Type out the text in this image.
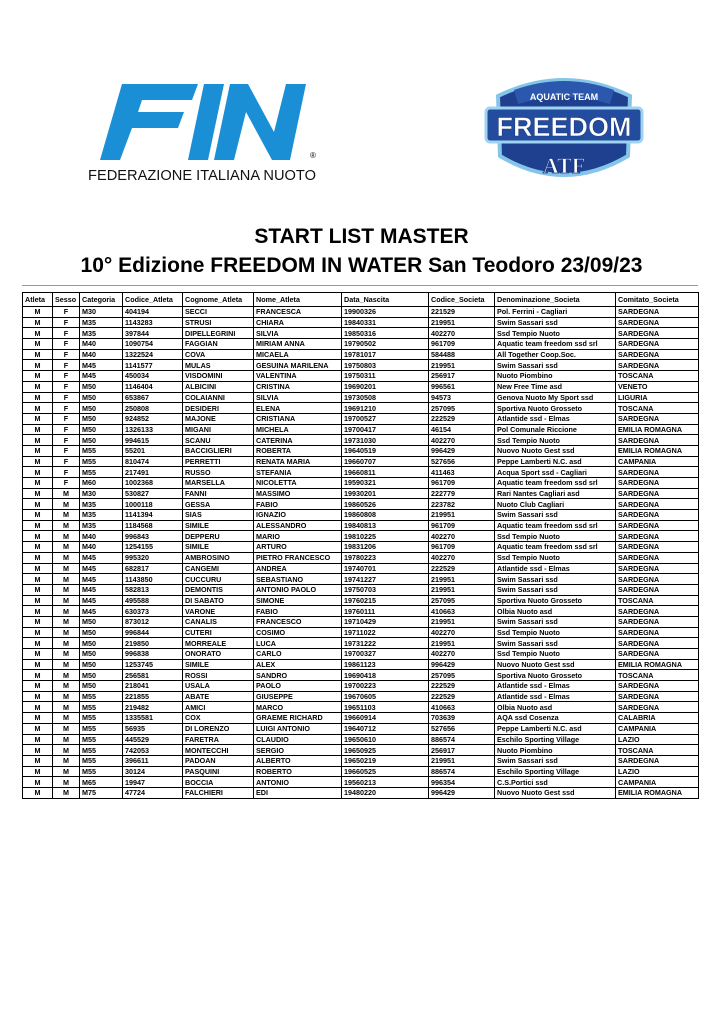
®
FEDERAZIONE ITALIANA NUOTO
AQUATIC TEAM
FREEDOM
ATF
START LIST MASTER
10° Edizione FREEDOM IN WATER San Teodoro 23/09/23
Atleta	Sesso	Categoria	Codice_Atleta	Cognome_Atleta	Nome_Atleta	Data_Nascita	Codice_Societa	Denominazione_Societa	Comitato_Societa
M	F	M30	404194	SECCI	FRANCESCA	19900326	221529	Pol. Ferrini - Cagliari	SARDEGNA
M	F	M35	1143283	STRUSI	CHIARA	19840331	219951	Swim Sassari ssd	SARDEGNA
M	F	M35	397844	DIPELLEGRINI	SILVIA	19850316	402270	Ssd Tempio Nuoto	SARDEGNA
M	F	M40	1090754	FAGGIAN	MIRIAM ANNA	19790502	961709	Aquatic team freedom ssd srl	SARDEGNA
M	F	M40	1322524	COVA	MICAELA	19781017	584488	All Together Coop.Soc.	SARDEGNA
M	F	M45	1141577	MULAS	GESUINA MARILENA	19750803	219951	Swim Sassari ssd	SARDEGNA
M	F	M45	450034	VISDOMINI	VALENTINA	19750311	256917	Nuoto Piombino	TOSCANA
M	F	M50	1146404	ALBICINI	CRISTINA	19690201	996561	New Free Time asd	VENETO
M	F	M50	653867	COLAIANNI	SILVIA	19730508	94573	Genova Nuoto My Sport ssd	LIGURIA
M	F	M50	250808	DESIDERI	ELENA	19691210	257095	Sportiva Nuoto Grosseto	TOSCANA
M	F	M50	924852	MAJONE	CRISTIANA	19700527	222529	Atlantide ssd - Elmas	SARDEGNA
M	F	M50	1326133	MIGANI	MICHELA	19700417	46154	Pol Comunale Riccione	EMILIA ROMAGNA
M	F	M50	994615	SCANU	CATERINA	19731030	402270	Ssd Tempio Nuoto	SARDEGNA
M	F	M55	55201	BACCIGLIERI	ROBERTA	19640519	996429	Nuovo Nuoto Gest ssd	EMILIA ROMAGNA
M	F	M55	810474	PERRETTI	RENATA MARIA	19660707	527656	Peppe Lamberti N.C. asd	CAMPANIA
M	F	M55	217491	RUSSO	STEFANIA	19660811	411463	Acqua Sport ssd - Cagliari	SARDEGNA
M	F	M60	1002368	MARSELLA	NICOLETTA	19590321	961709	Aquatic team freedom ssd srl	SARDEGNA
M	M	M30	530827	FANNI	MASSIMO	19930201	222779	Rari Nantes Cagliari asd	SARDEGNA
M	M	M35	1000118	GESSA	FABIO	19860526	223782	Nuoto Club Cagliari	SARDEGNA
M	M	M35	1141394	SIAS	IGNAZIO	19860808	219951	Swim Sassari ssd	SARDEGNA
M	M	M35	1184568	SIMILE	ALESSANDRO	19840813	961709	Aquatic team freedom ssd srl	SARDEGNA
M	M	M40	996843	DEPPERU	MARIO	19810225	402270	Ssd Tempio Nuoto	SARDEGNA
M	M	M40	1254155	SIMILE	ARTURO	19831206	961709	Aquatic team freedom ssd srl	SARDEGNA
M	M	M45	995320	AMBROSINO	PIETRO FRANCESCO	19780223	402270	Ssd Tempio Nuoto	SARDEGNA
M	M	M45	682817	CANGEMI	ANDREA	19740701	222529	Atlantide ssd - Elmas	SARDEGNA
M	M	M45	1143850	CUCCURU	SEBASTIANO	19741227	219951	Swim Sassari ssd	SARDEGNA
M	M	M45	582813	DEMONTIS	ANTONIO PAOLO	19750703	219951	Swim Sassari ssd	SARDEGNA
M	M	M45	495588	DI SABATO	SIMONE	19760215	257095	Sportiva Nuoto Grosseto	TOSCANA
M	M	M45	630373	VARONE	FABIO	19760111	410663	Olbia Nuoto asd	SARDEGNA
M	M	M50	873012	CANALIS	FRANCESCO	19710429	219951	Swim Sassari ssd	SARDEGNA
M	M	M50	996844	CUTERI	COSIMO	19711022	402270	Ssd Tempio Nuoto	SARDEGNA
M	M	M50	219850	MORREALE	LUCA	19731222	219951	Swim Sassari ssd	SARDEGNA
M	M	M50	996838	ONORATO	CARLO	19700327	402270	Ssd Tempio Nuoto	SARDEGNA
M	M	M50	1253745	SIMILE	ALEX	19861123	996429	Nuovo Nuoto Gest ssd	EMILIA ROMAGNA
M	M	M50	256581	ROSSI	SANDRO	19690418	257095	Sportiva Nuoto Grosseto	TOSCANA
M	M	M50	218041	USALA	PAOLO	19700223	222529	Atlantide ssd - Elmas	SARDEGNA
M	M	M55	221855	ABATE	GIUSEPPE	19670605	222529	Atlantide ssd - Elmas	SARDEGNA
M	M	M55	219482	AMICI	MARCO	19651103	410663	Olbia Nuoto asd	SARDEGNA
M	M	M55	1335581	COX	GRAEME RICHARD	19660914	703639	AQA ssd Cosenza	CALABRIA
M	M	M55	56935	DI LORENZO	LUIGI ANTONIO	19640712	527656	Peppe Lamberti N.C. asd	CAMPANIA
M	M	M55	445529	FARETRA	CLAUDIO	19650610	886574	Eschilo Sporting Village	LAZIO
M	M	M55	742053	MONTECCHI	SERGIO	19650925	256917	Nuoto Piombino	TOSCANA
M	M	M55	396611	PADOAN	ALBERTO	19650219	219951	Swim Sassari ssd	SARDEGNA
M	M	M55	30124	PASQUINI	ROBERTO	19660525	886574	Eschilo Sporting Village	LAZIO
M	M	M65	19947	BOCCIA	ANTONIO	19560213	996354	C.S.Portici ssd	CAMPANIA
M	M	M75	47724	FALCHIERI	EDI	19480220	996429	Nuovo Nuoto Gest ssd	EMILIA ROMAGNA
